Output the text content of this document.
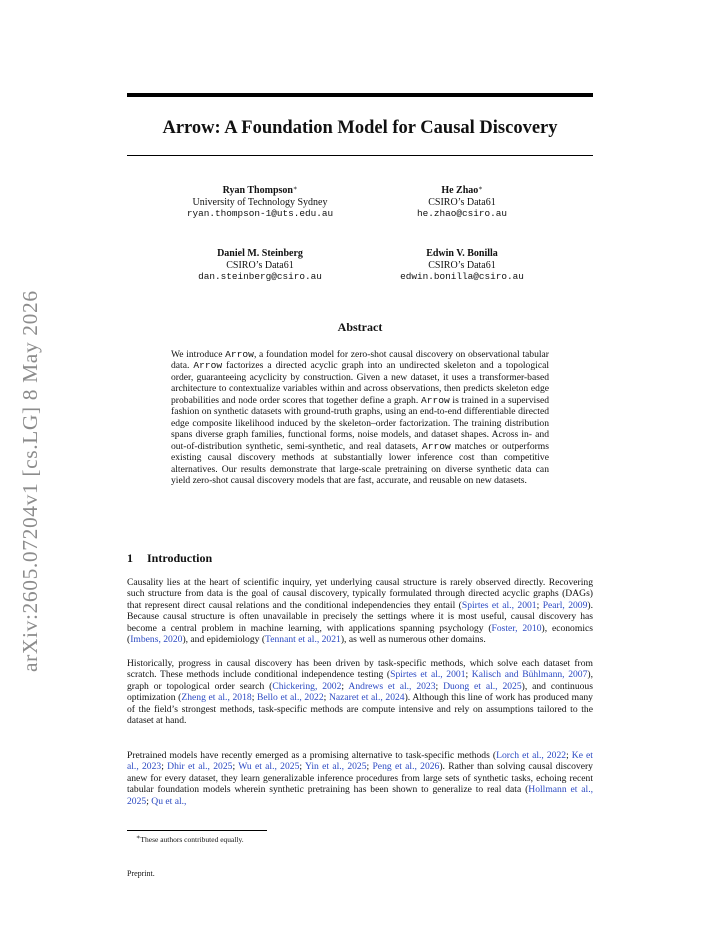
arXiv:2605.07204v1 [cs.LG] 8 May 2026
Arrow: A Foundation Model for Causal Discovery
Ryan Thompson∗
University of Technology Sydney
ryan.thompson-1@uts.edu.au
He Zhao∗
CSIRO’s Data61
he.zhao@csiro.au
Daniel M. Steinberg
CSIRO’s Data61
dan.steinberg@csiro.au
Edwin V. Bonilla
CSIRO’s Data61
edwin.bonilla@csiro.au
Abstract
We introduce Arrow, a foundation model for zero-shot causal discovery on observational tabular data. Arrow factorizes a directed acyclic graph into an undirected skeleton and a topological order, guaranteeing acyclicity by construction. Given a new dataset, it uses a transformer-based architecture to contextualize variables within and across observations, then predicts skeleton edge probabilities and node order scores that together define a graph. Arrow is trained in a supervised fashion on synthetic datasets with ground-truth graphs, using an end-to-end differentiable directed edge composite likelihood induced by the skeleton–order factorization. The training distribution spans diverse graph families, functional forms, noise models, and dataset shapes. Across in- and out-of-distribution synthetic, semi-synthetic, and real datasets, Arrow matches or outperforms existing causal discovery methods at substantially lower inference cost than competitive alternatives. Our results demonstrate that large-scale pretraining on diverse synthetic data can yield zero-shot causal discovery models that are fast, accurate, and reusable on new datasets.
1 Introduction
Causality lies at the heart of scientific inquiry, yet underlying causal structure is rarely observed directly. Recovering such structure from data is the goal of causal discovery, typically formulated through directed acyclic graphs (DAGs) that represent direct causal relations and the conditional independencies they entail (Spirtes et al., 2001; Pearl, 2009). Because causal structure is often unavailable in precisely the settings where it is most useful, causal discovery has become a central problem in machine learning, with applications spanning psychology (Foster, 2010), economics (Imbens, 2020), and epidemiology (Tennant et al., 2021), as well as numerous other domains.
Historically, progress in causal discovery has been driven by task-specific methods, which solve each dataset from scratch. These methods include conditional independence testing (Spirtes et al., 2001; Kalisch and Bühlmann, 2007), graph or topological order search (Chickering, 2002; Andrews et al., 2023; Duong et al., 2025), and continuous optimization (Zheng et al., 2018; Bello et al., 2022; Nazaret et al., 2024). Although this line of work has produced many of the field’s strongest methods, task-specific methods are compute intensive and rely on assumptions tailored to the dataset at hand.
Pretrained models have recently emerged as a promising alternative to task-specific methods (Lorch et al., 2022; Ke et al., 2023; Dhir et al., 2025; Wu et al., 2025; Yin et al., 2025; Peng et al., 2026). Rather than solving causal discovery anew for every dataset, they learn generalizable inference procedures from large sets of synthetic tasks, echoing recent tabular foundation models wherein synthetic pretraining has been shown to generalize to real data (Hollmann et al., 2025; Qu et al.,
∗These authors contributed equally.
Preprint.
